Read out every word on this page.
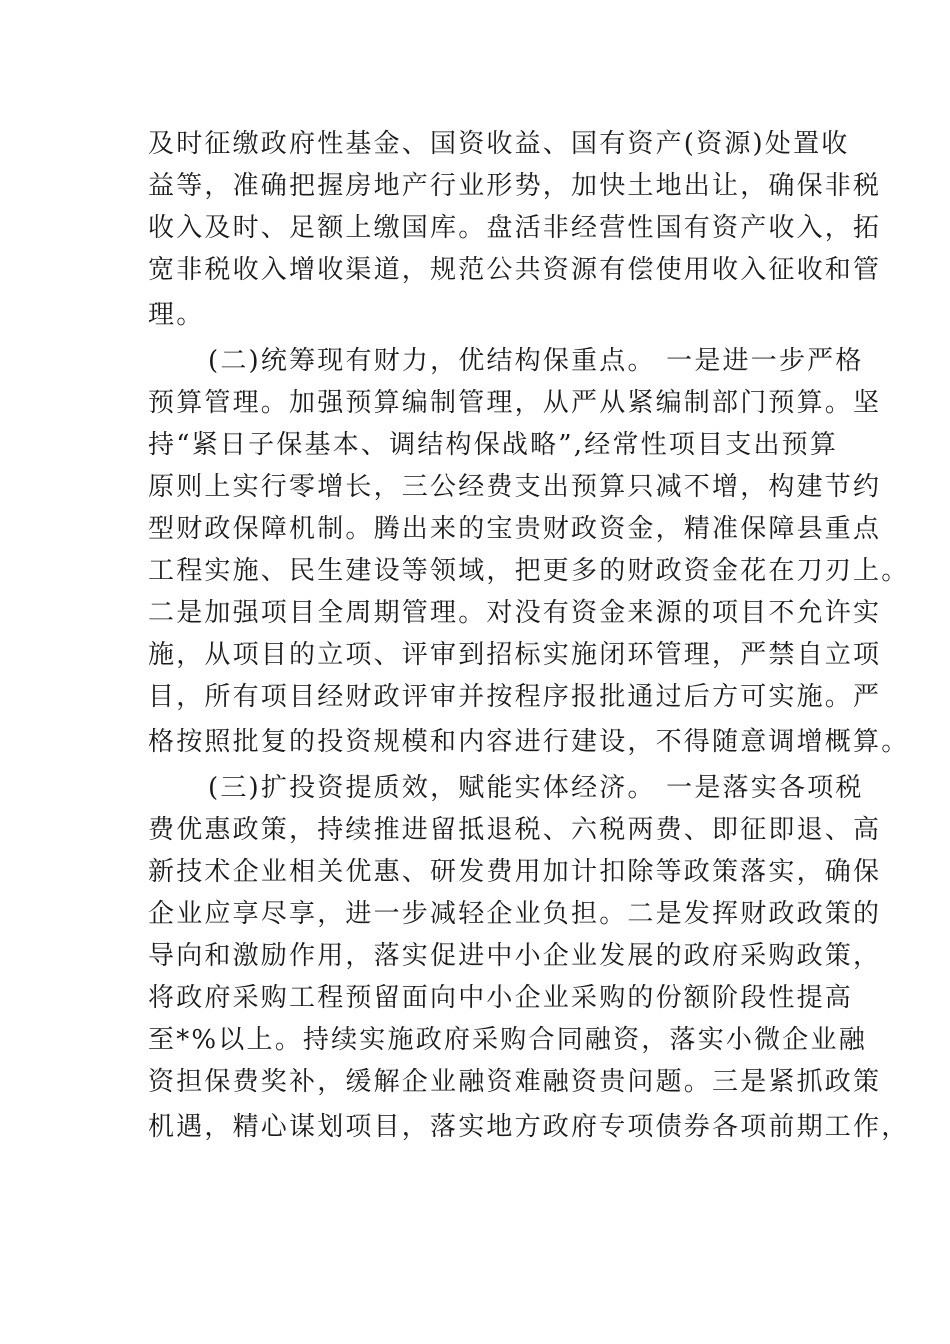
及时征缴政府性基金、国资收益、国有资产(资源)处置收
益等，准确把握房地产行业形势，加快土地出让，确保非税
收入及时、足额上缴国库。盘活非经营性国有资产收入，拓
宽非税收入增收渠道，规范公共资源有偿使用收入征收和管
理。
(二)统筹现有财力，优结构保重点。 一是进一步严格
预算管理。加强预算编制管理，从严从紧编制部门预算。坚
持“紧日子保基本、调结构保战略”,经常性项目支出预算
原则上实行零增长，三公经费支出预算只减不增，构建节约
型财政保障机制。腾出来的宝贵财政资金，精准保障县重点
工程实施、民生建设等领域，把更多的财政资金花在刀刃上。
二是加强项目全周期管理。对没有资金来源的项目不允许实
施，从项目的立项、评审到招标实施闭环管理，严禁自立项
目，所有项目经财政评审并按程序报批通过后方可实施。严
格按照批复的投资规模和内容进行建设，不得随意调增概算。
(三)扩投资提质效，赋能实体经济。 一是落实各项税
费优惠政策，持续推进留抵退税、六税两费、即征即退、高
新技术企业相关优惠、研发费用加计扣除等政策落实，确保
企业应享尽享，进一步减轻企业负担。二是发挥财政政策的
导向和激励作用，落实促进中小企业发展的政府采购政策，
将政府采购工程预留面向中小企业采购的份额阶段性提高
至*%以上。持续实施政府采购合同融资，落实小微企业融
资担保费奖补，缓解企业融资难融资贵问题。三是紧抓政策
机遇，精心谋划项目，落实地方政府专项债券各项前期工作，
